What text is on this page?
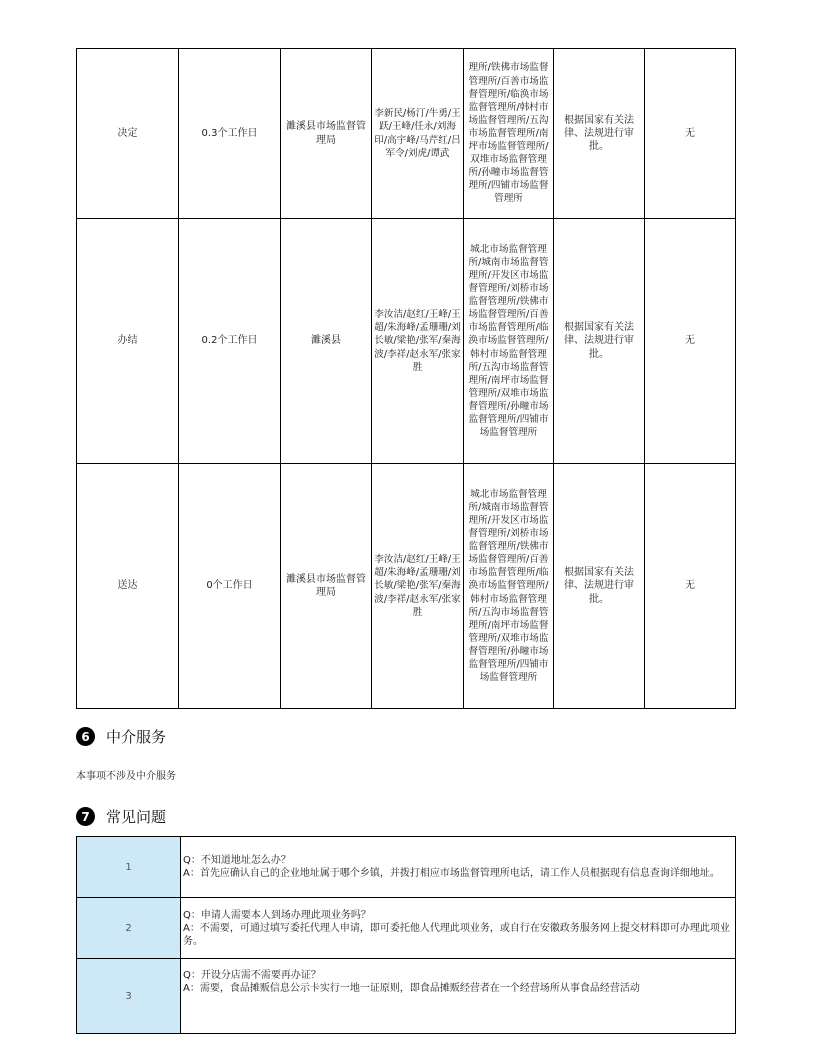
决定	0.3个工作日	濉溪县市场监督管理局	李新民/杨汀/牛勇/王跃/王峰/任永/刘海印/高宇峰/马芹红/吕军令/刘虎/谭武	理所/铁佛市场监督管理所/百善市场监督管理所/临涣市场监督管理所/韩村市场监督管理所/五沟市场监督管理所/南坪市场监督管理所/双堆市场监督管理所/孙疃市场监督管理所/四铺市场监督管理所	根据国家有关法律、法规进行审批。	无
办结	0.2个工作日	濉溪县	李汝洁/赵红/王峰/王超/朱海峰/孟珊珊/刘长敏/梁艳/张军/秦海波/李祥/赵永军/张家胜	城北市场监督管理所/城南市场监督管理所/开发区市场监督管理所/刘桥市场监督管理所/铁佛市场监督管理所/百善市场监督管理所/临涣市场监督管理所/韩村市场监督管理所/五沟市场监督管理所/南坪市场监督管理所/双堆市场监督管理所/孙疃市场监督管理所/四铺市场监督管理所	根据国家有关法律、法规进行审批。	无
送达	0个工作日	濉溪县市场监督管理局	李汝洁/赵红/王峰/王超/朱海峰/孟珊珊/刘长敏/梁艳/张军/秦海波/李祥/赵永军/张家胜	城北市场监督管理所/城南市场监督管理所/开发区市场监督管理所/刘桥市场监督管理所/铁佛市场监督管理所/百善市场监督管理所/临涣市场监督管理所/韩村市场监督管理所/五沟市场监督管理所/南坪市场监督管理所/双堆市场监督管理所/孙疃市场监督管理所/四铺市场监督管理所	根据国家有关法律、法规进行审批。	无
6	中介服务
本事项不涉及中介服务
7	常见问题
1	Q：不知道地址怎么办？
A：首先应确认自己的企业地址属于哪个乡镇，并拨打相应市场监督管理所电话，请工作人员根据现有信息查询详细地址。

2	Q：申请人需要本人到场办理此项业务吗？
A：不需要，可通过填写委托代理人申请，即可委托他人代理此项业务，或自行在安徽政务服务网上提交材料即可办理此项业务。

3	Q：开设分店需不需要再办证？
A：需要，食品摊贩信息公示卡实行一地一证原则，即食品摊贩经营者在一个经营场所从事食品经营活动
